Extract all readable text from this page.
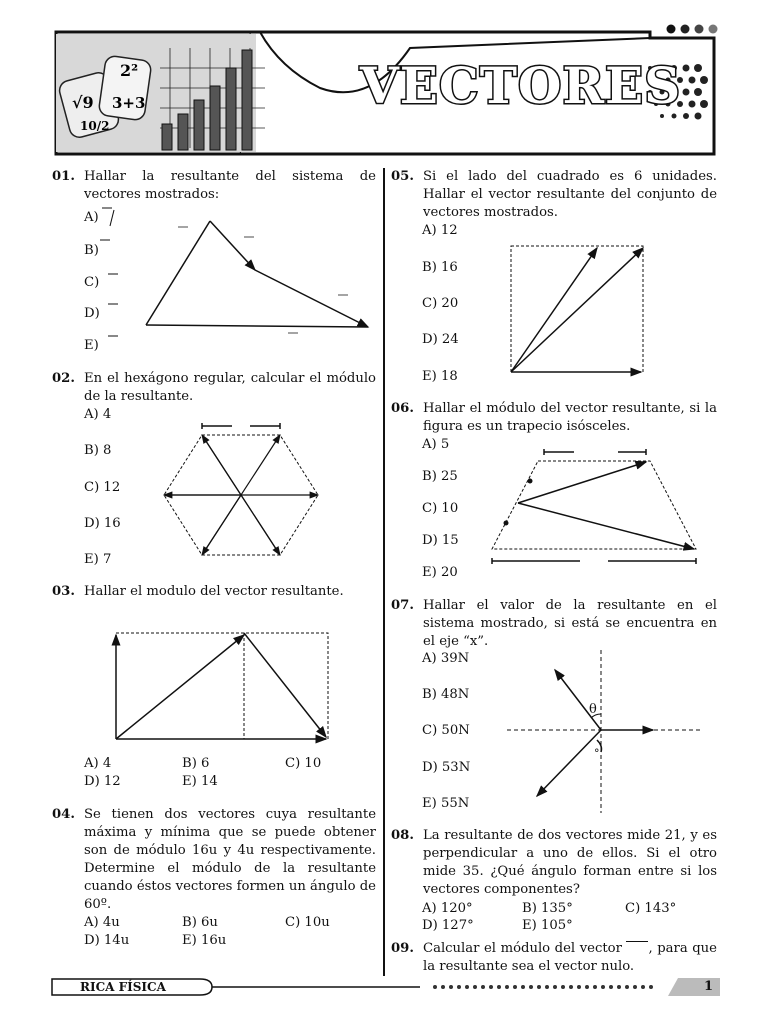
√9
2²
3+3
10/2
VECTORES
01. Hallar la resultante del sistema de vectores mostrados:
A)
B)
C)
D)
E)
02. En el hexágono regular, calcular el módulo de la resultante.
A) 4
B) 8
C) 12
D) 16
E) 7
03. Hallar el modulo del vector resultante.
A) 4	B) 6	C) 10
D) 12	E) 14
04. Se tienen dos vectores cuya resultante máxima y mínima que se puede obtener son de módulo 16u y 4u respectivamente. Determine el módulo de la resultante cuando éstos vectores formen un ángulo de 60º.
A) 4u	B) 6u	C) 10u
D) 14u	E) 16u
05. Si el lado del cuadrado es 6 unidades. Hallar el vector resultante del conjunto de vectores mostrados.
A) 12
B) 16
C) 20
D) 24
E) 18
06. Hallar el módulo del vector resultante, si la figura es un trapecio isósceles.
A) 5
B) 25
C) 10
D) 15
E) 20
07. Hallar el valor de la resultante en el sistema mostrado, si está se encuentra en el eje “x”.
A) 39N
B) 48N
C) 50N
D) 53N
E) 55N
θ
°
08. La resultante de dos vectores mide 21, y es perpendicular a uno de ellos. Si el otro mide 35. ¿Qué ángulo forman entre si los vectores componentes?
A) 120°	B) 135°	C) 143°
D) 127°	E) 105°
09. Calcular el módulo del vector , para que la resultante sea el vector nulo.
RICA FÍSICA	1
